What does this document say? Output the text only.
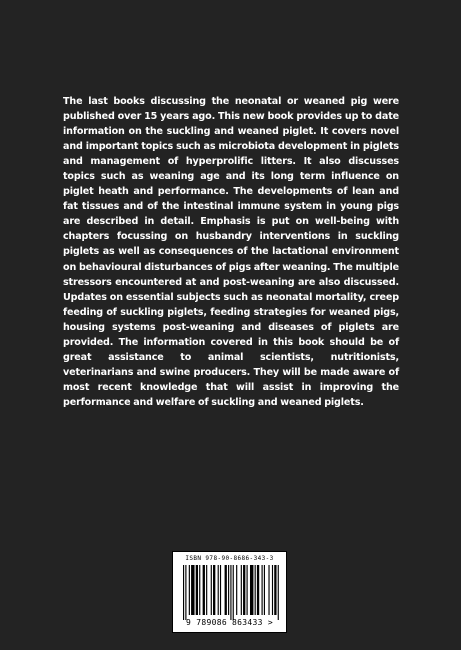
The last books discussing the neonatal or weaned pig were published over 15 years ago. This new book provides up to date information on the suckling and weaned piglet. It covers novel and important topics such as microbiota development in piglets and management of hyperprolific litters. It also discusses topics such as weaning age and its long term influence on piglet heath and performance. The developments of lean and fat tissues and of the intestinal immune system in young pigs are described in detail. Emphasis is put on well-being with chapters focussing on husbandry interventions in suckling piglets as well as consequences of the lactational environment on behavioural disturbances of pigs after weaning. The multiple stressors encountered at and post-weaning are also discussed. Updates on essential subjects such as neonatal mortality, creep feeding of suckling piglets, feeding strategies for weaned pigs, housing systems post-weaning and diseases of piglets are provided. The information covered in this book should be of great assistance to animal scientists, nutritionists, veterinarians and swine producers. They will be made aware of most recent knowledge that will assist in improving the performance and welfare of suckling and weaned piglets.
ISBN 978-90-8686-343-3
9 789086 863433 >
